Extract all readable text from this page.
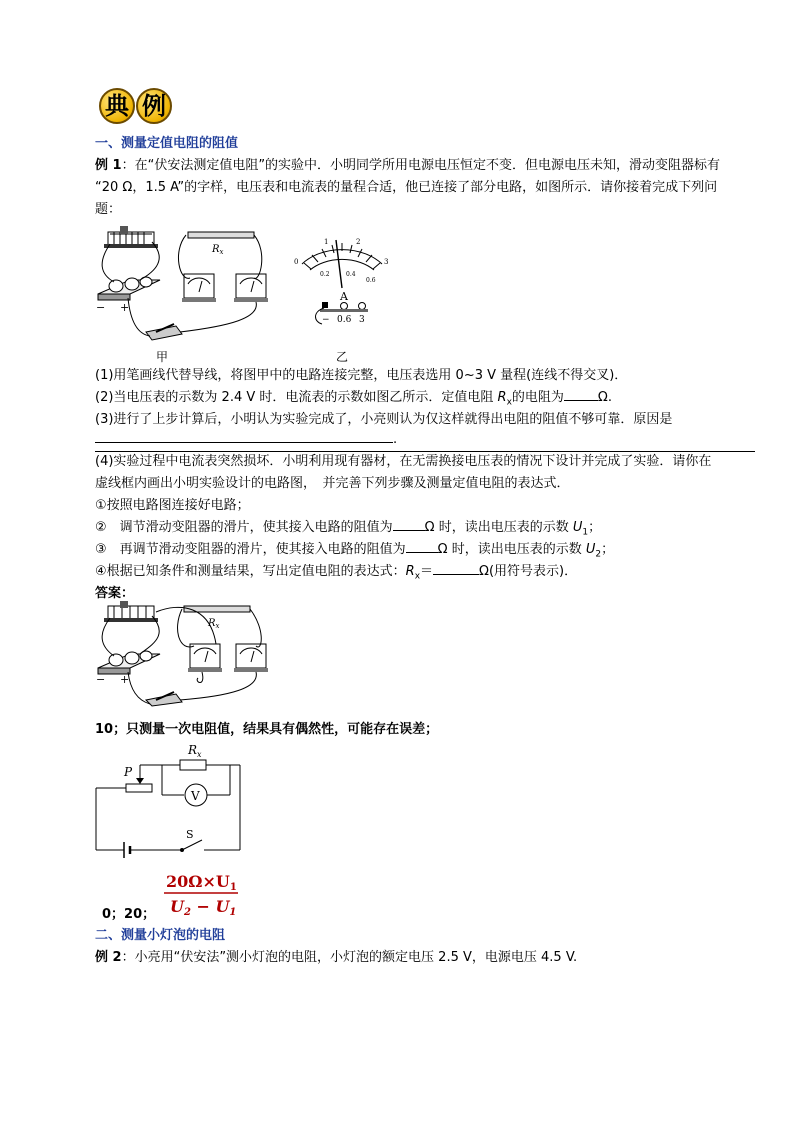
典 例
一、测量定值电阻的阻值
例 1：在“伏安法测定值电阻”的实验中．小明同学所用电源电压恒定不变．但电源电压未知，滑动变阻器标有
“20 Ω，1.5 A”的字样，电压表和电流表的量程合适，他已连接了部分电路，如图所示．请你接着完成下列问
题：
− +
$R_x$
甲
0
1	2
3
0.2	0.4
0.6
A
− 0.6 3
乙
(1)用笔画线代替导线，将图甲中的电路连接完整，电压表选用 0~3 V 量程(连线不得交叉)．
(2)当电压表的示数为 2.4 V 时．电流表的示数如图乙所示．定值电阻 $R_x$的电阻为	Ω.
(3)进行了上步计算后，小明认为实验完成了，小亮则认为仅这样就得出电阻的阻值不够可靠．原因是
.
(4)实验过程中电流表突然损坏．小明利用现有器材，在无需换接电压表的情况下设计并完成了实验．请你在
虚线框内画出小明实验设计的电路图，　并完善下列步骤及测量定值电阻的表达式．
①按照电路图连接好电路；
②　调节滑动变阻器的滑片，使其接入电路的阻值为 Ω 时，读出电压表的示数 $U_1$；
③　再调节滑动变阻器的滑片，使其接入电路的阻值为 Ω 时，读出电压表的示数 $U_2$；
④根据已知条件和测量结果，写出定值电阻的表达式：$R_x=$	Ω(用符号表示)．
答案：
$R_x$
− +
10；只测量一次电阻值，结果具有偶然性，可能存在误差；
$R_x$
V
P
S
20Ω×U1
U2 − U1
0；20；
二、测量小灯泡的电阻
例 2：小亮用“伏安法”测小灯泡的电阻，小灯泡的额定电压 2.5 V，电源电压 4.5 V.
